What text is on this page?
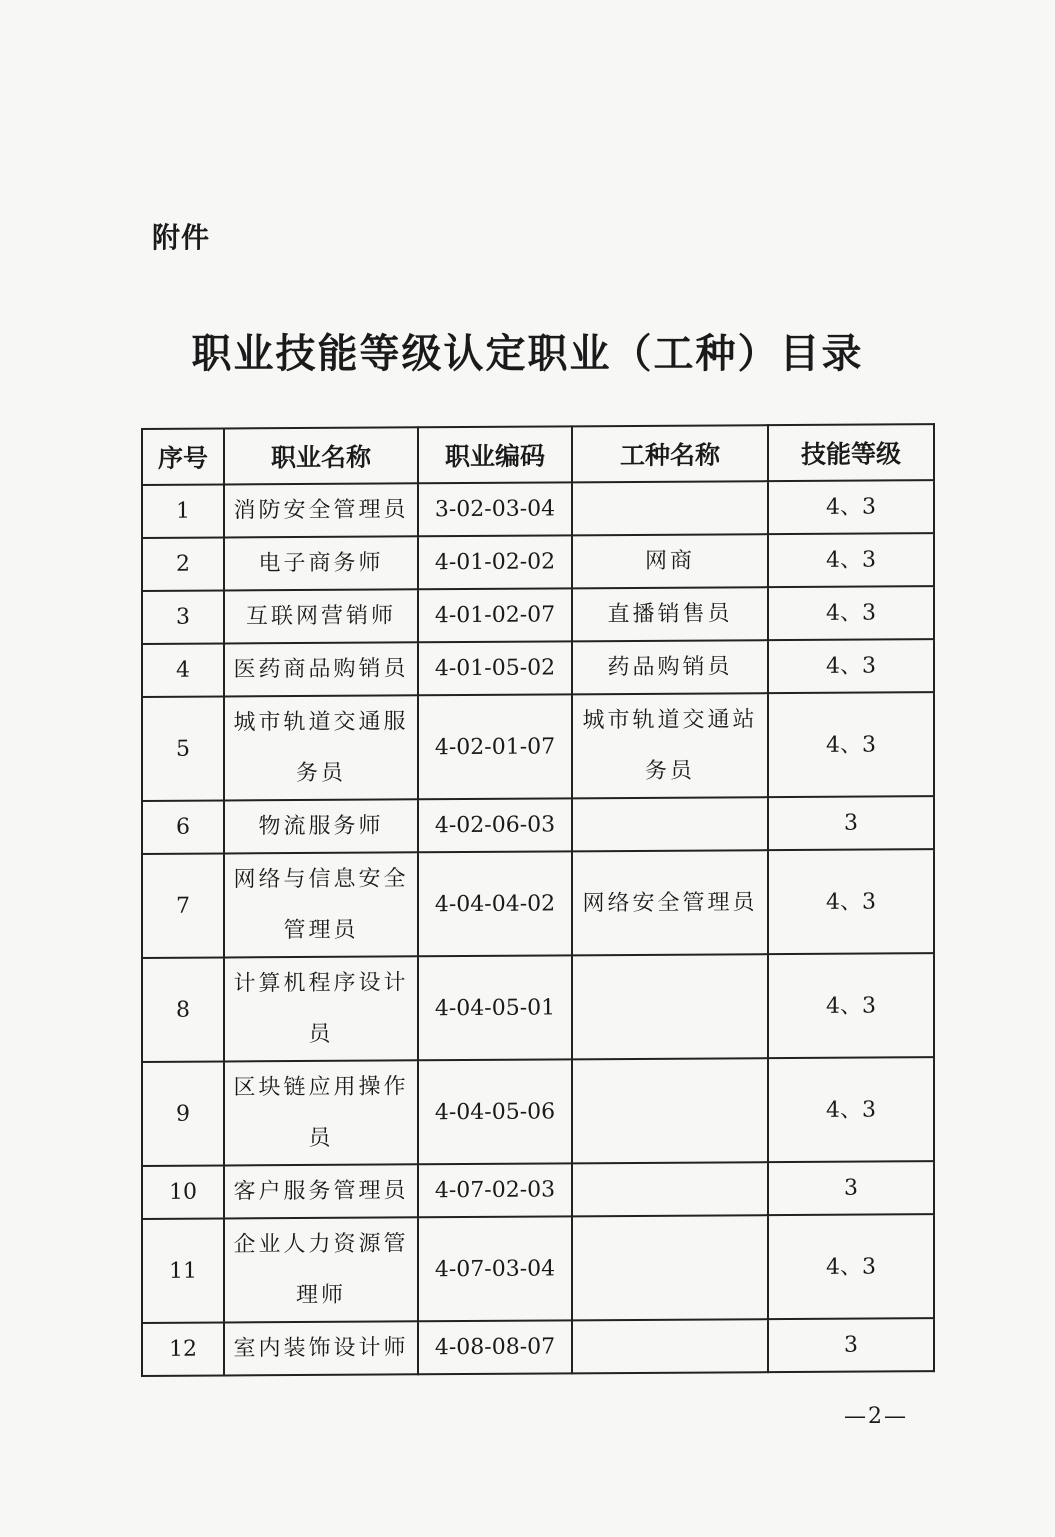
附件
职业技能等级认定职业（工种）目录
序号	职业名称	职业编码	工种名称	技能等级
1	消防安全管理员	3-02-03-04		4、3
2	电子商务师	4-01-02-02	网商	4、3
3	互联网营销师	4-01-02-07	直播销售员	4、3
4	医药商品购销员	4-01-05-02	药品购销员	4、3
5	城市轨道交通服务员	4-02-01-07	城市轨道交通站务员	4、3
6	物流服务师	4-02-06-03		3
7	网络与信息安全管理员	4-04-04-02	网络安全管理员	4、3
8	计算机程序设计员	4-04-05-01		4、3
9	区块链应用操作员	4-04-05-06		4、3
10	客户服务管理员	4-07-02-03		3
11	企业人力资源管理师	4-07-03-04		4、3
12	室内装饰设计师	4-08-08-07		3
—2—
